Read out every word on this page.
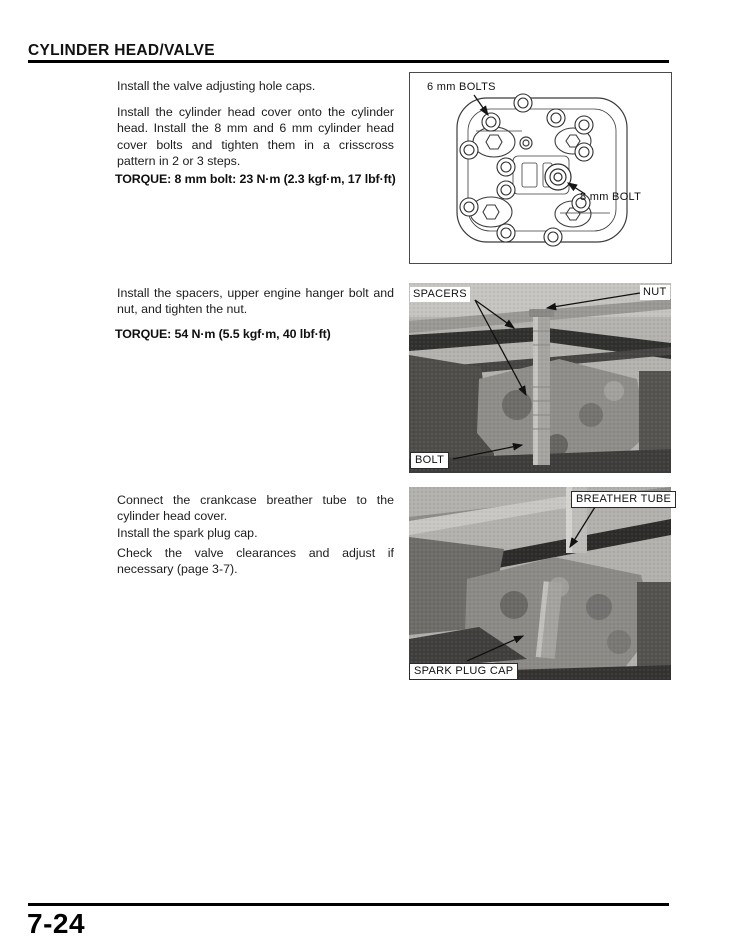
CYLINDER HEAD/VALVE
Install the valve adjusting hole caps.
Install the cylinder head cover onto the cylinder head. Install the 8 mm and 6 mm cylinder head cover bolts and tighten them in a crisscross pattern in 2 or 3 steps.
TORQUE: 8 mm bolt: 23 N·m (2.3 kgf·m, 17 lbf·ft)
Install the spacers, upper engine hanger bolt and nut, and tighten the nut.
TORQUE: 54 N·m (5.5 kgf·m, 40 lbf·ft)
Connect the crankcase breather tube to the cylinder head cover.
Install the spark plug cap.
Check the valve clearances and adjust if necessary (page 3-7).
6 mm BOLTS
8 mm BOLT
SPACERS	NUT
BOLT
BREATHER TUBE
SPARK PLUG CAP
7-24
